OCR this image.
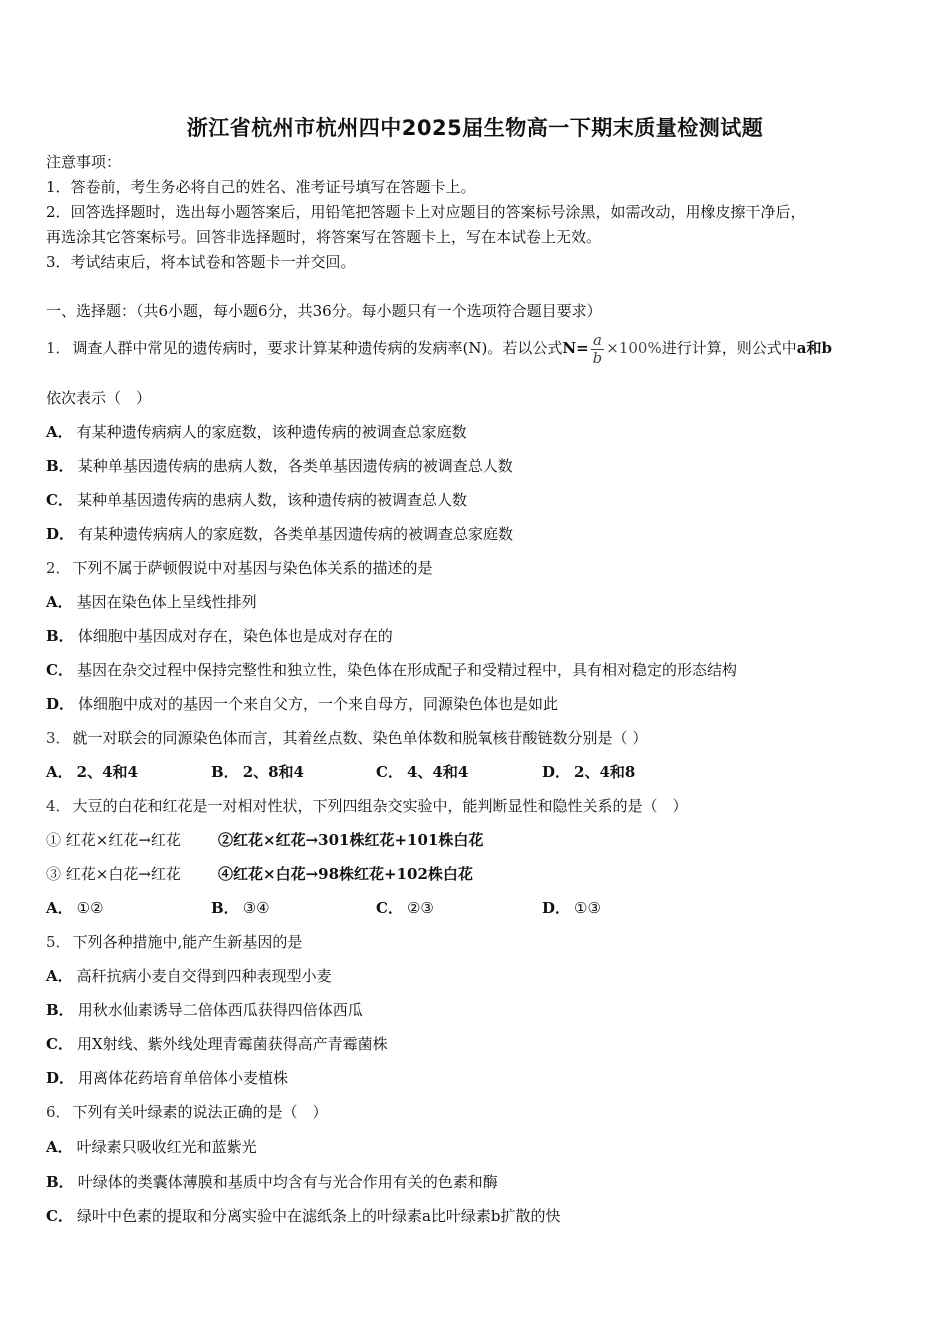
浙江省杭州市杭州四中2025届生物高一下期末质量检测试题
注意事项：
1．答卷前，考生务必将自己的姓名、准考证号填写在答题卡上。
2．回答选择题时，选出每小题答案后，用铅笔把答题卡上对应题目的答案标号涂黑，如需改动，用橡皮擦干净后，
再选涂其它答案标号。回答非选择题时，将答案写在答题卡上，写在本试卷上无效。
3．考试结束后，将本试卷和答题卡一并交回。
一、选择题：（共6小题，每小题6分，共36分。每小题只有一个选项符合题目要求）
1． 调查人群中常见的遗传病时，要求计算某种遗传病的发病率(N)。若以公式$N= \frac{a}{b} \times 100\%$进行计算，则公式中a和b
依次表示（　）
A． 有某种遗传病病人的家庭数，该种遗传病的被调查总家庭数
B． 某种单基因遗传病的患病人数，各类单基因遗传病的被调查总人数
C． 某种单基因遗传病的患病人数，该种遗传病的被调查总人数
D． 有某种遗传病病人的家庭数，各类单基因遗传病的被调查总家庭数
2． 下列不属于萨顿假说中对基因与染色体关系的描述的是
A． 基因在染色体上呈线性排列
B． 体细胞中基因成对存在，染色体也是成对存在的
C． 基因在杂交过程中保持完整性和独立性，染色体在形成配子和受精过程中，具有相对稳定的形态结构
D． 体细胞中成对的基因一个来自父方，一个来自母方，同源染色体也是如此
3． 就一对联会的同源染色体而言，其着丝点数、染色单体数和脱氧核苷酸链数分别是（ ）
A． 2、4和4	B． 2、8和4	C． 4、4和4	D． 2、4和8
4． 大豆的白花和红花是一对相对性状，下列四组杂交实验中，能判断显性和隐性关系的是（　）
① 红花×红花→红花 ②红花×红花→301株红花+101株白花
③ 红花×白花→红花 ④红花×白花→98株红花+102株白花
A． ①②	B． ③④	C． ②③	D． ①③
5． 下列各种措施中,能产生新基因的是
A． 高秆抗病小麦自交得到四种表现型小麦
B． 用秋水仙素诱导二倍体西瓜获得四倍体西瓜
C． 用X射线、紫外线处理青霉菌获得高产青霉菌株
D． 用离体花药培育单倍体小麦植株
6． 下列有关叶绿素的说法正确的是（　）
A． 叶绿素只吸收红光和蓝紫光
B． 叶绿体的类囊体薄膜和基质中均含有与光合作用有关的色素和酶
C． 绿叶中色素的提取和分离实验中在滤纸条上的叶绿素a比叶绿素b扩散的快
